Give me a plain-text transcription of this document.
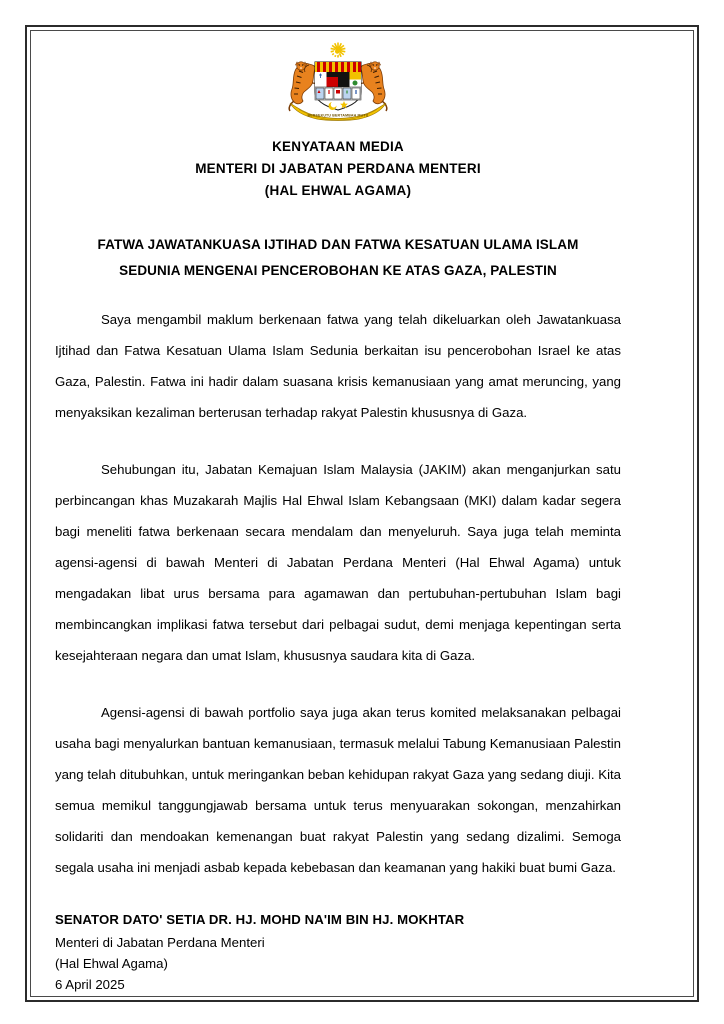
BERSEKUTU BERTAMBAH MUTU
KENYATAAN MEDIA
MENTERI DI JABATAN PERDANA MENTERI
(HAL EHWAL AGAMA)
FATWA JAWATANKUASA IJTIHAD DAN FATWA KESATUAN ULAMA ISLAM
SEDUNIA MENGENAI PENCEROBOHAN KE ATAS GAZA, PALESTIN

Saya mengambil maklum berkenaan fatwa yang telah dikeluarkan oleh Jawatankuasa Ijtihad dan Fatwa Kesatuan Ulama Islam Sedunia berkaitan isu pencerobohan Israel ke atas Gaza, Palestin. Fatwa ini hadir dalam suasana krisis kemanusiaan yang amat meruncing, yang menyaksikan kezaliman berterusan terhadap rakyat Palestin khususnya di Gaza.

Sehubungan itu, Jabatan Kemajuan Islam Malaysia (JAKIM) akan menganjurkan satu perbincangan khas Muzakarah Majlis Hal Ehwal Islam Kebangsaan (MKI) dalam kadar segera bagi meneliti fatwa berkenaan secara mendalam dan menyeluruh. Saya juga telah meminta agensi-agensi di bawah Menteri di Jabatan Perdana Menteri (Hal Ehwal Agama) untuk mengadakan libat urus bersama para agamawan dan pertubuhan-pertubuhan Islam bagi membincangkan implikasi fatwa tersebut dari pelbagai sudut, demi menjaga kepentingan serta kesejahteraan negara dan umat Islam, khususnya saudara kita di Gaza.

Agensi-agensi di bawah portfolio saya juga akan terus komited melaksanakan pelbagai usaha bagi menyalurkan bantuan kemanusiaan, termasuk melalui Tabung Kemanusiaan Palestin yang telah ditubuhkan, untuk meringankan beban kehidupan rakyat Gaza yang sedang diuji. Kita semua memikul tanggungjawab bersama untuk terus menyuarakan sokongan, menzahirkan solidariti dan mendoakan kemenangan buat rakyat Palestin yang sedang dizalimi. Semoga segala usaha ini menjadi asbab kepada kebebasan dan keamanan yang hakiki buat bumi Gaza.

SENATOR DATO' SETIA DR. HJ. MOHD NA'IM BIN HJ. MOKHTAR
Menteri di Jabatan Perdana Menteri
(Hal Ehwal Agama)
6 April 2025
